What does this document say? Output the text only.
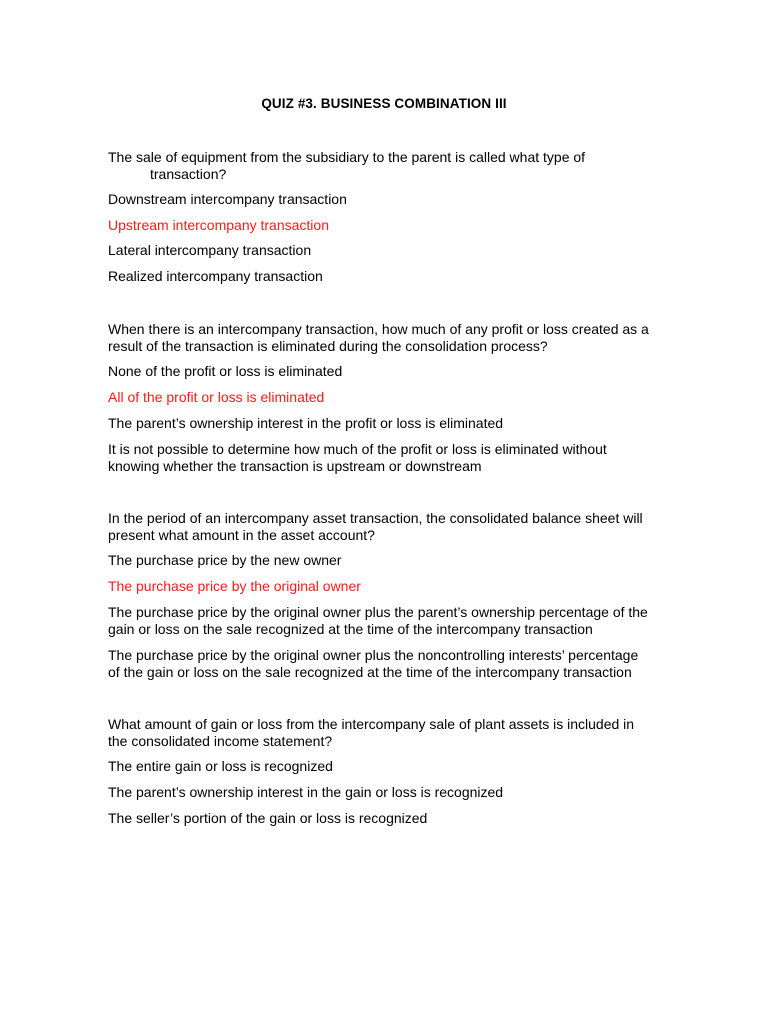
QUIZ #3. BUSINESS COMBINATION III
The sale of equipment from the subsidiary to the parent is called what type of
transaction?
Downstream intercompany transaction
Upstream intercompany transaction
Lateral intercompany transaction
Realized intercompany transaction
When there is an intercompany transaction, how much of any profit or loss created as a
result of the transaction is eliminated during the consolidation process?
None of the profit or loss is eliminated
All of the profit or loss is eliminated
The parent’s ownership interest in the profit or loss is eliminated
It is not possible to determine how much of the profit or loss is eliminated without
knowing whether the transaction is upstream or downstream
In the period of an intercompany asset transaction, the consolidated balance sheet will
present what amount in the asset account?
The purchase price by the new owner
The purchase price by the original owner
The purchase price by the original owner plus the parent’s ownership percentage of the
gain or loss on the sale recognized at the time of the intercompany transaction
The purchase price by the original owner plus the noncontrolling interests’ percentage
of the gain or loss on the sale recognized at the time of the intercompany transaction
What amount of gain or loss from the intercompany sale of plant assets is included in
the consolidated income statement?
The entire gain or loss is recognized
The parent’s ownership interest in the gain or loss is recognized
The seller’s portion of the gain or loss is recognized
